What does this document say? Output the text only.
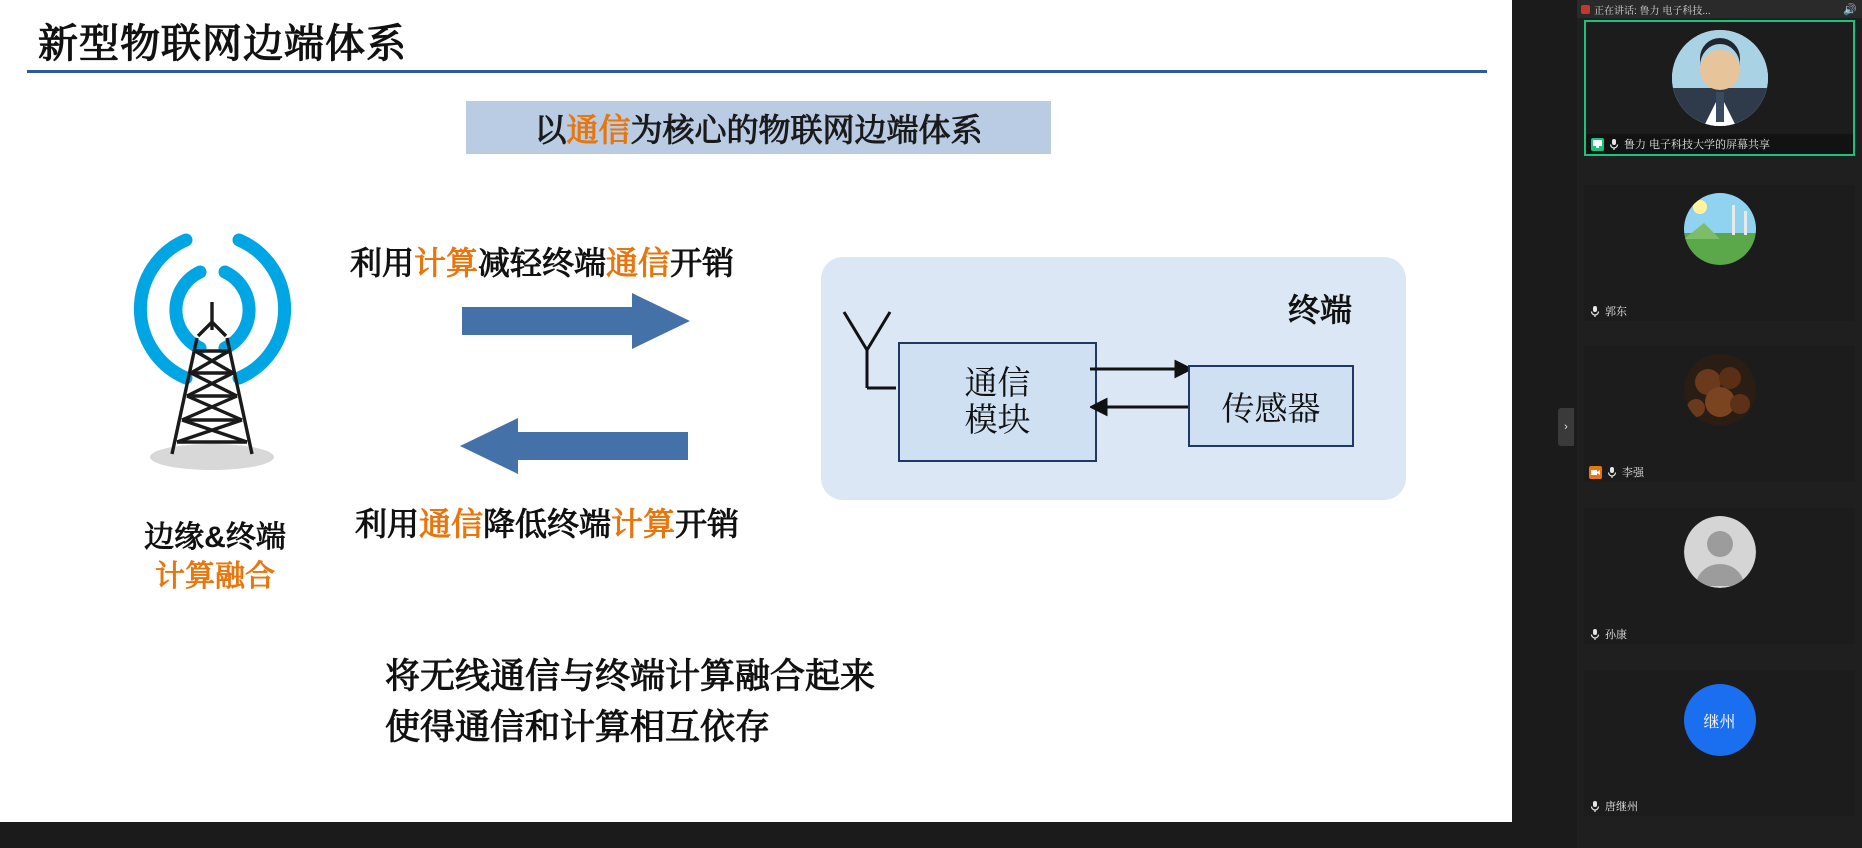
新型物联网边端体系
以通信为核心的物联网边端体系
边缘&终端
计算融合
利用计算减轻终端通信开销
利用通信降低终端计算开销
终端
通信
模块	传感器
将无线通信与终端计算融合起来
使得通信和计算相互依存
›
正在讲话: 鲁力 电子科技...	🔊
鲁力 电子科技大学的屏幕共享
郭东
李强
孙康
继州
唐继州
